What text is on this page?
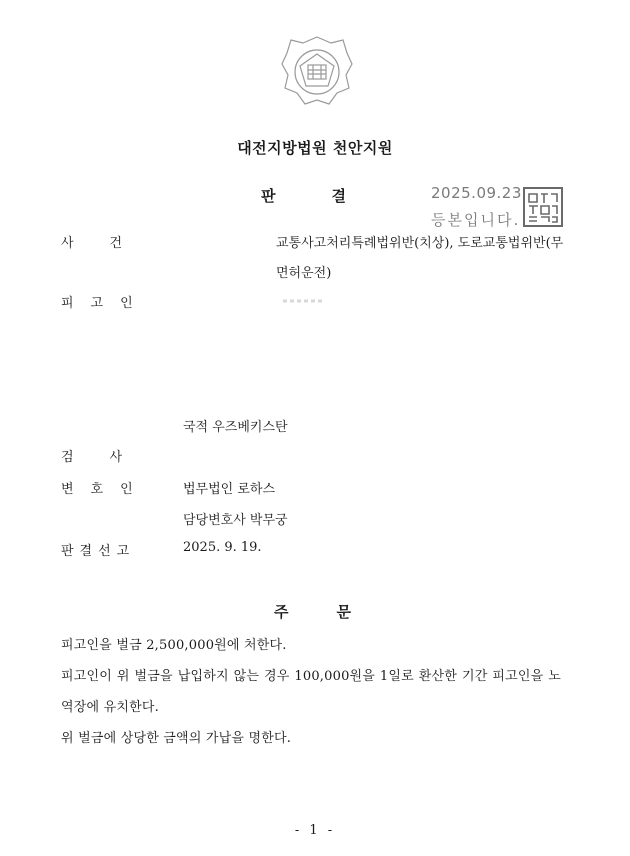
대전지방법원 천안지원
판결 2025.09.23
등본입니다.
사건	교통사고처리특례법위반(치상), 도로교통법위반(무
면허운전)
피고인
국적 우즈베키스탄
검사
변호인	법무법인 로하스
담당변호사 박무궁
판결선고	2025. 9. 19.
주문
피고인을 벌금 2,500,000원에 처한다.
피고인이 위 벌금을 납입하지 않는 경우 100,000원을 1일로 환산한 기간 피고인을 노
역장에 유치한다.
위 벌금에 상당한 금액의 가납을 명한다.
- 1 -
